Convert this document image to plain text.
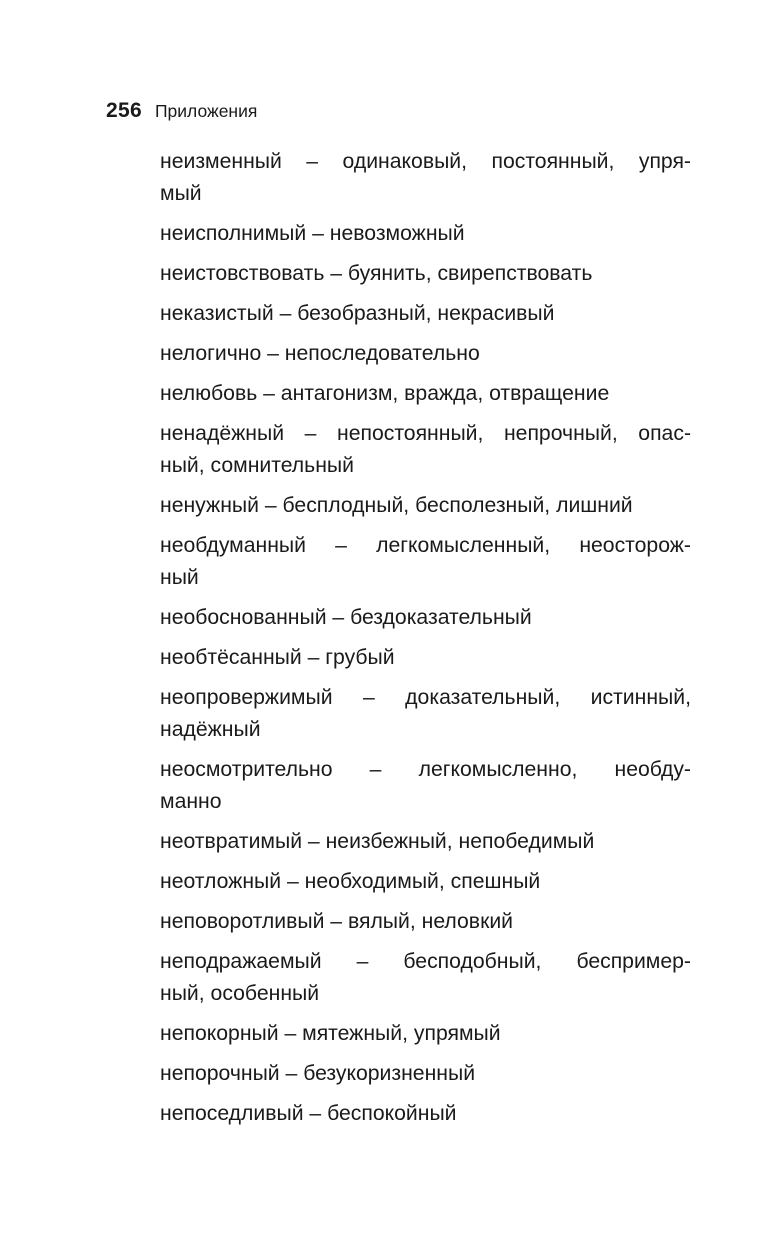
256 Приложения
неизменный – одинаковый, постоянный, упря-
мый
неисполнимый – невозможный
неистовствовать – буянить, свирепствовать
неказистый – безобразный, некрасивый
нелогично – непоследовательно
нелюбовь – антагонизм, вражда, отвращение
ненадёжный – непостоянный, непрочный, опас-
ный, сомнительный
ненужный – бесплодный, бесполезный, лишний
необдуманный – легкомысленный, неосторож-
ный
необоснованный – бездоказательный
необтёсанный – грубый
неопровержимый – доказательный, истинный,
надёжный
неосмотрительно – легкомысленно, необду-
манно
неотвратимый – неизбежный, непобедимый
неотложный – необходимый, спешный
неповоротливый – вялый, неловкий
неподражаемый – бесподобный, беспример-
ный, особенный
непокорный – мятежный, упрямый
непорочный – безукоризненный
непоседливый – беспокойный
